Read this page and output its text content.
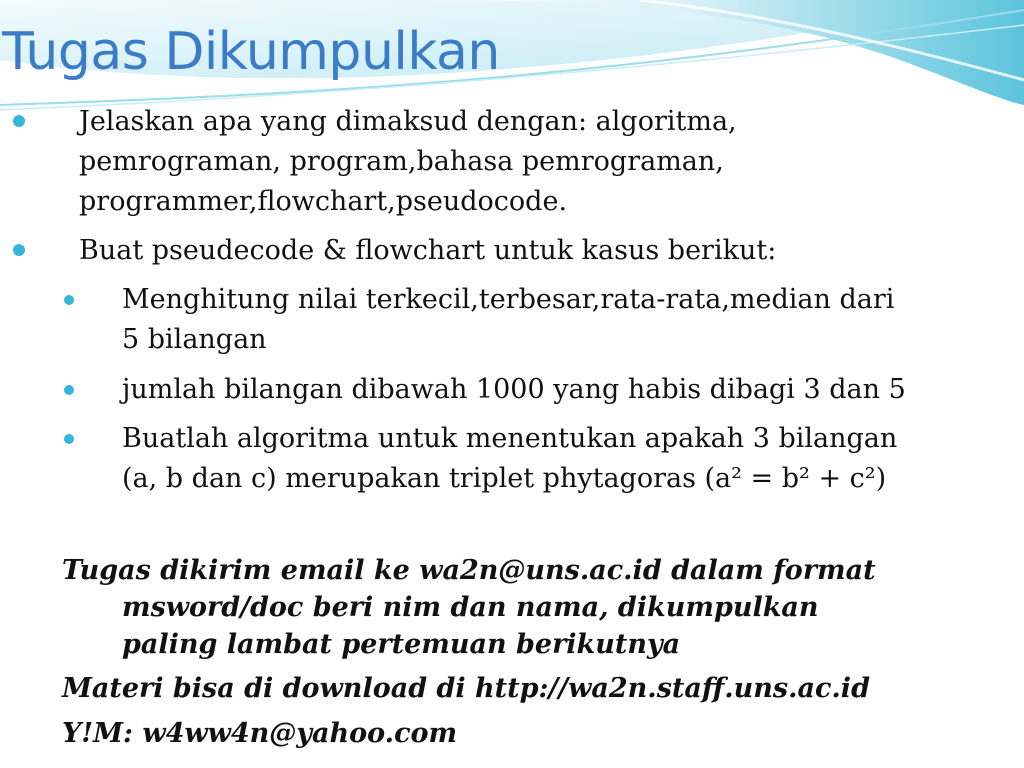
Tugas Dikumpulkan

Jelaskan apa yang dimaksud dengan: algoritma,
pemrograman, program,bahasa pemrograman,
programmer,flowchart,pseudocode.

Buat pseudecode & flowchart untuk kasus berikut:

Menghitung nilai terkecil,terbesar,rata-rata,median dari
5 bilangan

jumlah bilangan dibawah 1000 yang habis dibagi 3 dan 5

Buatlah algoritma untuk menentukan apakah 3 bilangan
(a, b dan c) merupakan triplet phytagoras (a² = b² + c²)

Tugas dikirim email ke wa2n@uns.ac.id dalam format
msword/doc beri nim dan nama, dikumpulkan
paling lambat pertemuan berikutnya

Materi bisa di download di http://wa2n.staff.uns.ac.id

Y!M: w4ww4n@yahoo.com
